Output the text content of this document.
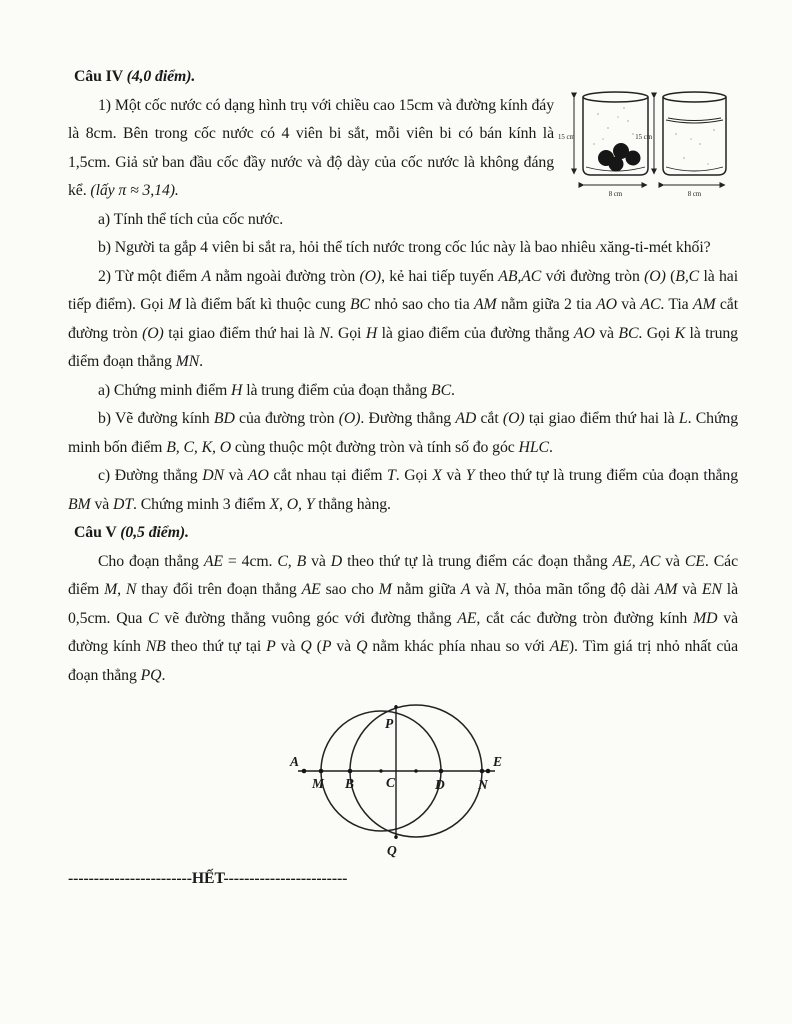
15 cm
8 cm
15 cm
8 cm

Câu IV (4,0 điểm).

1) Một cốc nước có dạng hình trụ với chiều cao 15cm và đường kính đáy là 8cm. Bên trong cốc nước có 4 viên bi sắt, mỗi viên bi có bán kính là 1,5cm. Giả sử ban đầu cốc đầy nước và độ dày của cốc nước là không đáng kể. (lấy π ≈ 3,14).

a) Tính thể tích của cốc nước.

b) Người ta gắp 4 viên bi sắt ra, hỏi thể tích nước trong cốc lúc này là bao nhiêu xăng-ti-mét khối?

2) Từ một điểm A nằm ngoài đường tròn (O), kẻ hai tiếp tuyến AB,AC với đường tròn (O) (B,C là hai tiếp điểm). Gọi M là điểm bất kì thuộc cung BC nhỏ sao cho tia AM nằm giữa 2 tia AO và AC. Tia AM cắt đường tròn (O) tại giao điểm thứ hai là N. Gọi H là giao điểm của đường thẳng AO và BC. Gọi K là trung điểm đoạn thẳng MN.

a) Chứng minh điểm H là trung điểm của đoạn thẳng BC.

b) Vẽ đường kính BD của đường tròn (O). Đường thẳng AD cắt (O) tại giao điểm thứ hai là L. Chứng minh bốn điểm B, C, K, O cùng thuộc một đường tròn và tính số đo góc HLC.

c) Đường thẳng DN và AO cắt nhau tại điểm T. Gọi X và Y theo thứ tự là trung điểm của đoạn thẳng BM và DT. Chứng minh 3 điểm X, O, Y thẳng hàng.

Câu V (0,5 điểm).

Cho đoạn thẳng AE = 4cm. C, B và D theo thứ tự là trung điểm các đoạn thẳng AE, AC và CE. Các điểm M, N thay đổi trên đoạn thẳng AE sao cho M nằm giữa A và N, thỏa mãn tổng độ dài AM và EN là 0,5cm. Qua C vẽ đường thẳng vuông góc với đường thẳng AE, cắt các đường tròn đường kính MD và đường kính NB theo thứ tự tại P và Q (P và Q nằm khác phía nhau so với AE). Tìm giá trị nhỏ nhất của đoạn thẳng PQ.

A
M B C	D
E
N
P
Q

------------------------HẾT------------------------
